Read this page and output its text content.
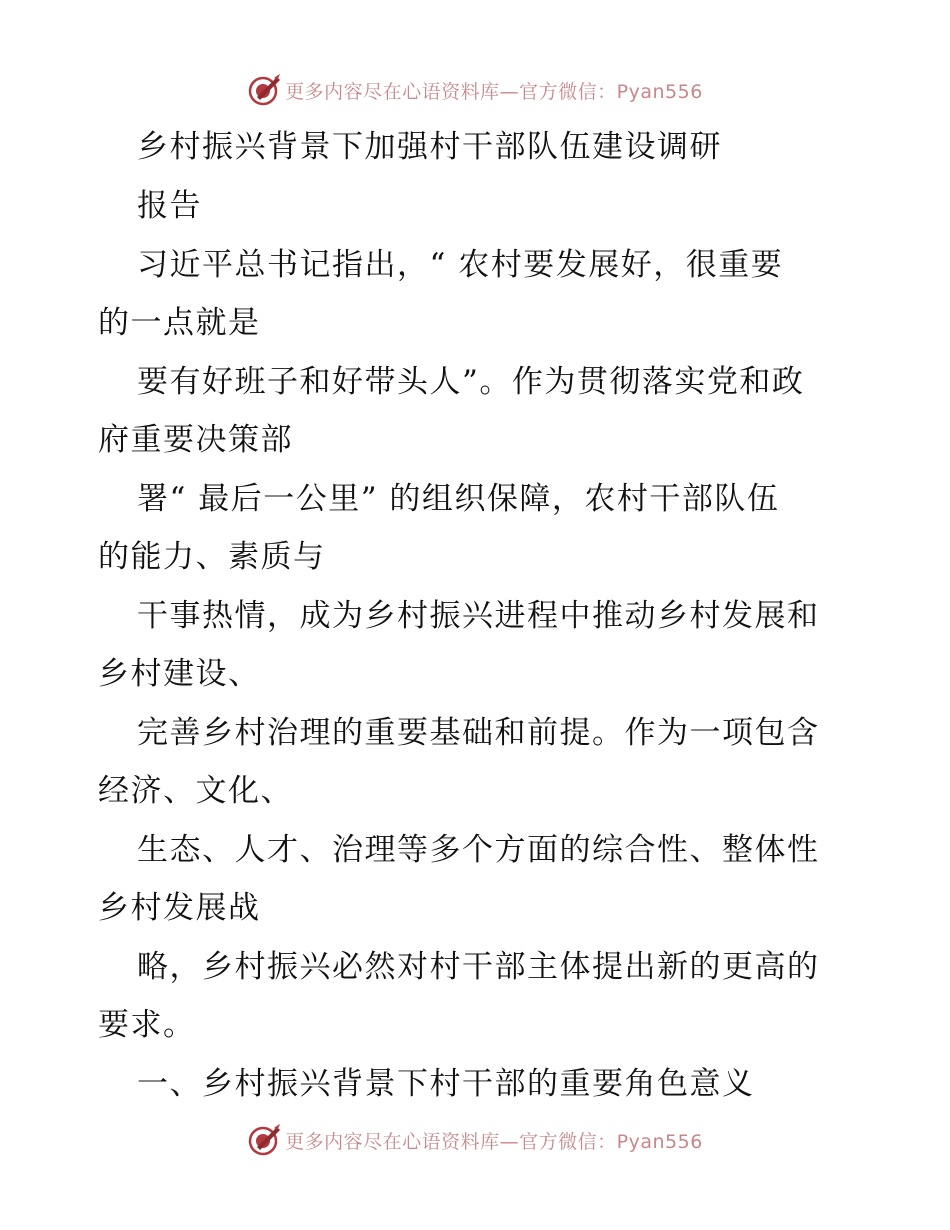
更多内容尽在心语资料库—官方微信：Pyan556
乡村振兴背景下加强村干部队伍建设调研
报告
习近平总书记指出，“ 农村要发展好，很重要
的一点就是
要有好班子和好带头人”。作为贯彻落实党和政
府重要决策部
署“ 最后一公里” 的组织保障，农村干部队伍
的能力、素质与
干事热情，成为乡村振兴进程中推动乡村发展和
乡村建设、
完善乡村治理的重要基础和前提。作为一项包含
经济、文化、
生态、人才、治理等多个方面的综合性、整体性
乡村发展战
略，乡村振兴必然对村干部主体提出新的更高的
要求。
一、乡村振兴背景下村干部的重要角色意义
更多内容尽在心语资料库—官方微信：Pyan556
